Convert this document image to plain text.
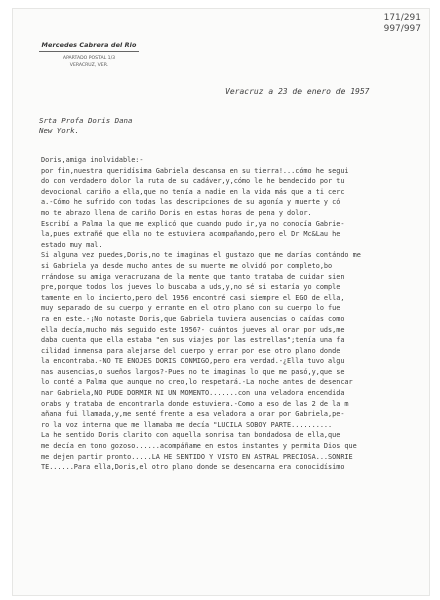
171/291
997/997
Mercedes Cabrera del Rio
APARTADO POSTAL 1/3
VERACRUZ, VER.
Veracruz a 23 de enero de 1957
Srta Profa Doris Dana
New York.
Doris,amiga inolvidable:-
por fin,nuestra queridísima Gabriela descansa en su tierra!...cómo he segui
do con verdadero dolor la ruta de su cadáver,y,cómo le he bendecido por tu
devocional cariño a ella,que no tenía a nadie en la vida más que a ti cerc
a.-Cómo he sufrido con todas las descripciones de su agonía y muerte y có
mo te abrazo llena de cariño Doris en estas horas de pena y dolor.
Escribí a Palma la que me explicó que cuando pudo ir,ya no conocía Gabrie-
la,pues extrañé que ella no te estuviera acompañando,pero el Dr Mc&Lau he
estado muy mal.
Si alguna vez puedes,Doris,no te imaginas el gustazo que me darías contándo me
si Gabriela ya desde mucho antes de su muerte me olvidó por completo,bo
rrándose su amiga veracruzana de la mente que tanto trataba de cuidar sien
pre,porque todos los jueves lo buscaba a uds,y,no sé si estaría yo comple
tamente en lo incierto,pero del 1956 encontré casi siempre el EGO de ella,
muy separado de su cuerpo y errante en el otro plano con su cuerpo lo fue
ra en este.-¡No notaste Doris,que Gabriela tuviera ausencias o caídas como
ella decía,mucho más seguido este 1956?- cuántos jueves al orar por uds,me
daba cuenta que ella estaba "en sus viajes por las estrellas";tenía una fa
cilidad inmensa para alejarse del cuerpo y errar por ese otro plano donde
la encontraba.-NO TE ENOJES DORIS CONMIGO,pero era verdad.-¿Ella tuvo algu
nas ausencias,o sueños largos?-Pues no te imaginas lo que me pasó,y,que se
lo conté a Palma que aunque no creo,lo respetará.-La noche antes de desencar
nar Gabriela,NO PUDE DORMIR NI UN MOMENTO.......con una veladora encendida
orabs y trataba de encontrarla donde estuviera.-Como a eso de las 2 de la m
añana fui llamada,y,me senté frente a esa veladora a orar por Gabriela,pe-
ro la voz interna que me llamaba me decía "LUCILA SOBOY PARTE..........
La he sentido Doris clarito con aquella sonrisa tan bondadosa de ella,que
me decía en tono gozoso......acompáñame en estos instantes y permita Dios que
me dejen partir pronto.....LA HE SENTIDO Y VISTO EN ASTRAL PRECIOSA...SONRIE
TE......Para ella,Doris,el otro plano donde se desencarna era conocidísimo
